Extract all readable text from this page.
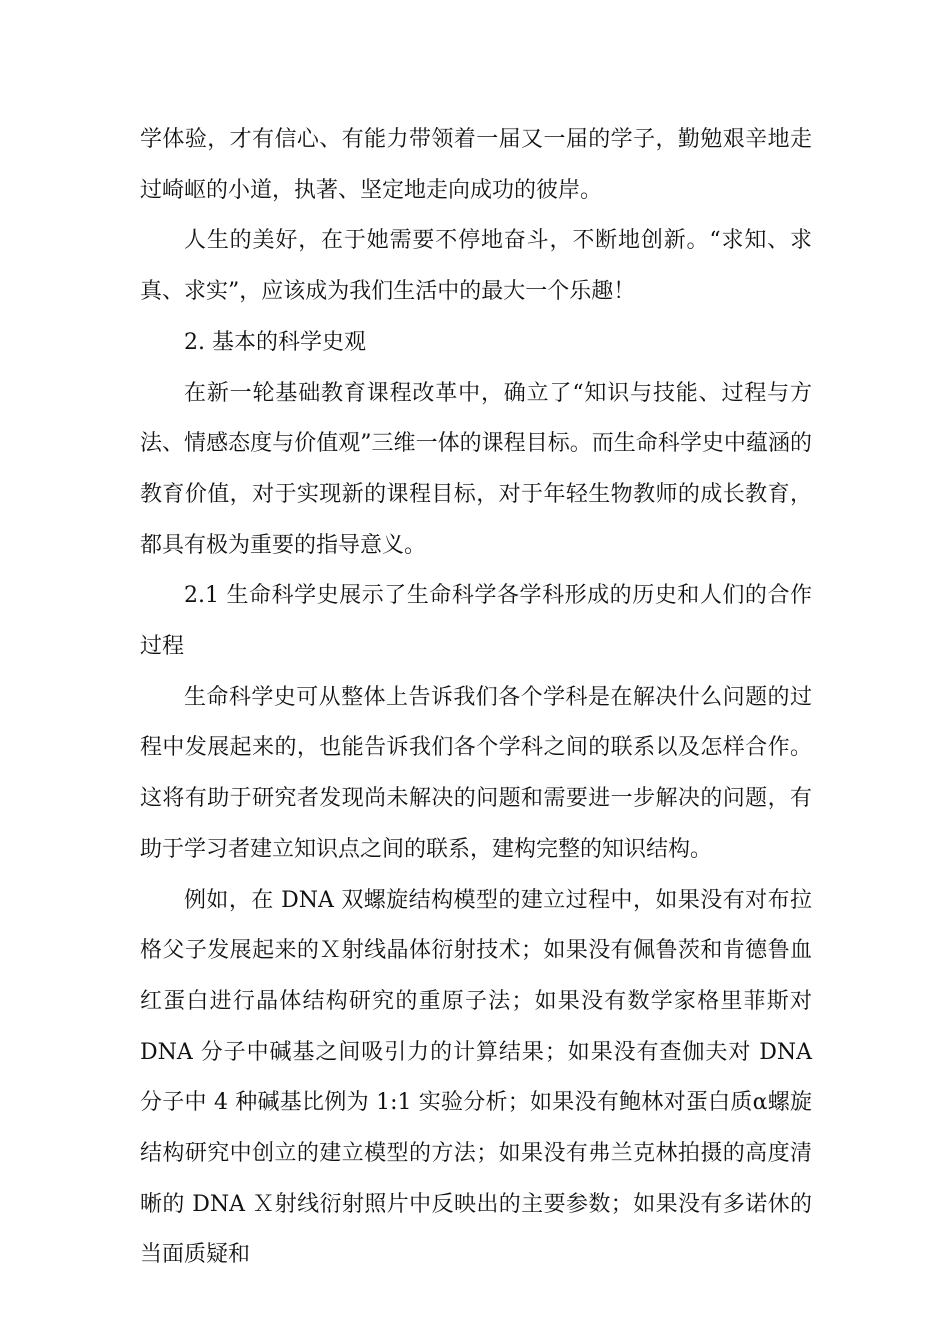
学体验，才有信心、有能力带领着一届又一届的学子，勤勉艰辛地走过崎岖的小道，执著、坚定地走向成功的彼岸。

人生的美好，在于她需要不停地奋斗，不断地创新。“求知、求真、求实”，应该成为我们生活中的最大一个乐趣！

2. 基本的科学史观

在新一轮基础教育课程改革中，确立了“知识与技能、过程与方法、情感态度与价值观”三维一体的课程目标。而生命科学史中蕴涵的教育价值，对于实现新的课程目标，对于年轻生物教师的成长教育，都具有极为重要的指导意义。

2.1 生命科学史展示了生命科学各学科形成的历史和人们的合作过程

生命科学史可从整体上告诉我们各个学科是在解决什么问题的过程中发展起来的，也能告诉我们各个学科之间的联系以及怎样合作。这将有助于研究者发现尚未解决的问题和需要进一步解决的问题，有助于学习者建立知识点之间的联系，建构完整的知识结构。

例如，在 DNA 双螺旋结构模型的建立过程中，如果没有对布拉格父子发展起来的Ｘ射线晶体衍射技术；如果没有佩鲁茨和肯德鲁血红蛋白进行晶体结构研究的重原子法；如果没有数学家格里菲斯对 DNA 分子中碱基之间吸引力的计算结果；如果没有查伽夫对 DNA 分子中 4 种碱基比例为 1:1 实验分析；如果没有鲍林对蛋白质α螺旋结构研究中创立的建立模型的方法；如果没有弗兰克林拍摄的高度清晰的 DNA Ｘ射线衍射照片中反映出的主要参数；如果没有多诺休的当面质疑和
